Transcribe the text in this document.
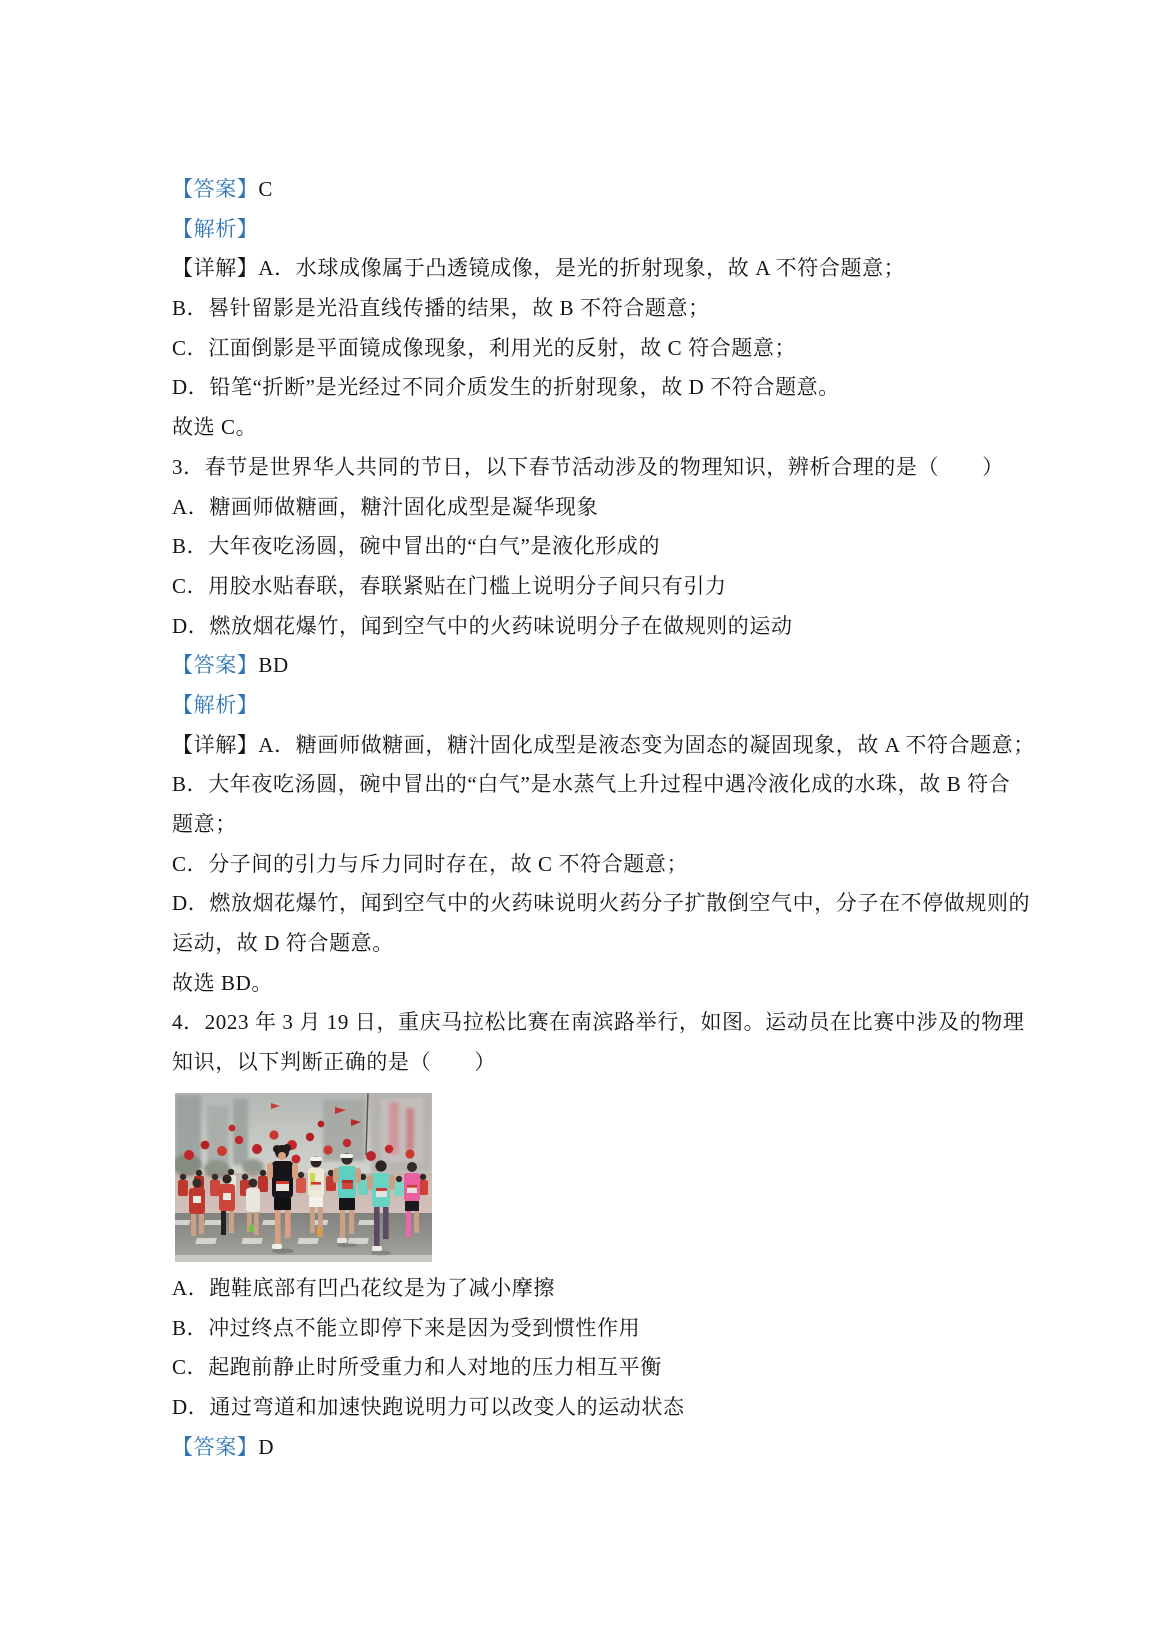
【答案】C
【解析】
【详解】A．水球成像属于凸透镜成像，是光的折射现象，故 A 不符合题意；
B．晷针留影是光沿直线传播的结果，故 B 不符合题意；
C．江面倒影是平面镜成像现象，利用光的反射，故 C 符合题意；
D．铅笔“折断”是光经过不同介质发生的折射现象，故 D 不符合题意。
故选 C。
3．春节是世界华人共同的节日，以下春节活动涉及的物理知识，辨析合理的是（　　）
A．糖画师做糖画，糖汁固化成型是凝华现象
B．大年夜吃汤圆，碗中冒出的“白气”是液化形成的
C．用胶水贴春联，春联紧贴在门槛上说明分子间只有引力
D．燃放烟花爆竹，闻到空气中的火药味说明分子在做规则的运动
【答案】BD
【解析】
【详解】A．糖画师做糖画，糖汁固化成型是液态变为固态的凝固现象，故 A 不符合题意；
B．大年夜吃汤圆，碗中冒出的“白气”是水蒸气上升过程中遇冷液化成的水珠，故 B 符合
题意；
C．分子间的引力与斥力同时存在，故 C 不符合题意；
D．燃放烟花爆竹，闻到空气中的火药味说明火药分子扩散倒空气中，分子在不停做规则的
运动，故 D 符合题意。
故选 BD。
4．2023 年 3 月 19 日，重庆马拉松比赛在南滨路举行，如图。运动员在比赛中涉及的物理
知识，以下判断正确的是（　　）
A．跑鞋底部有凹凸花纹是为了减小摩擦
B．冲过终点不能立即停下来是因为受到惯性作用
C．起跑前静止时所受重力和人对地的压力相互平衡
D．通过弯道和加速快跑说明力可以改变人的运动状态
【答案】D
